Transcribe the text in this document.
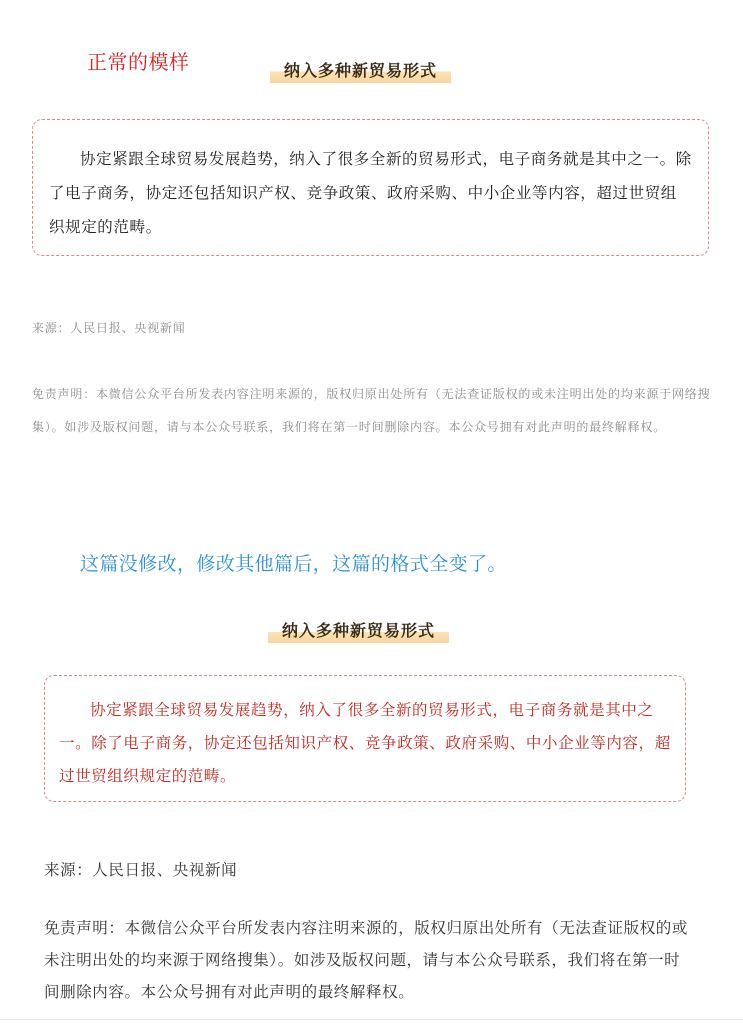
正常的模样	纳入多种新贸易形式

协定紧跟全球贸易发展趋势，纳入了很多全新的贸易形式，电子商务就是其中之一。除了电子商务，协定还包括知识产权、竞争政策、政府采购、中小企业等内容，超过世贸组织规定的范畴。

来源：人民日报、央视新闻

免责声明：本微信公众平台所发表内容注明来源的，版权归原出处所有（无法查证版权的或未注明出处的均来源于网络搜集）。如涉及版权问题，请与本公众号联系，我们将在第一时间删除内容。本公众号拥有对此声明的最终解释权。

这篇没修改，修改其他篇后，这篇的格式全变了。
纳入多种新贸易形式

协定紧跟全球贸易发展趋势，纳入了很多全新的贸易形式，电子商务就是其中之一。除了电子商务，协定还包括知识产权、竞争政策、政府采购、中小企业等内容，超过世贸组织规定的范畴。

来源：人民日报、央视新闻

免责声明：本微信公众平台所发表内容注明来源的，版权归原出处所有（无法查证版权的或未注明出处的均来源于网络搜集）。如涉及版权问题，请与本公众号联系，我们将在第一时间删除内容。本公众号拥有对此声明的最终解释权。
